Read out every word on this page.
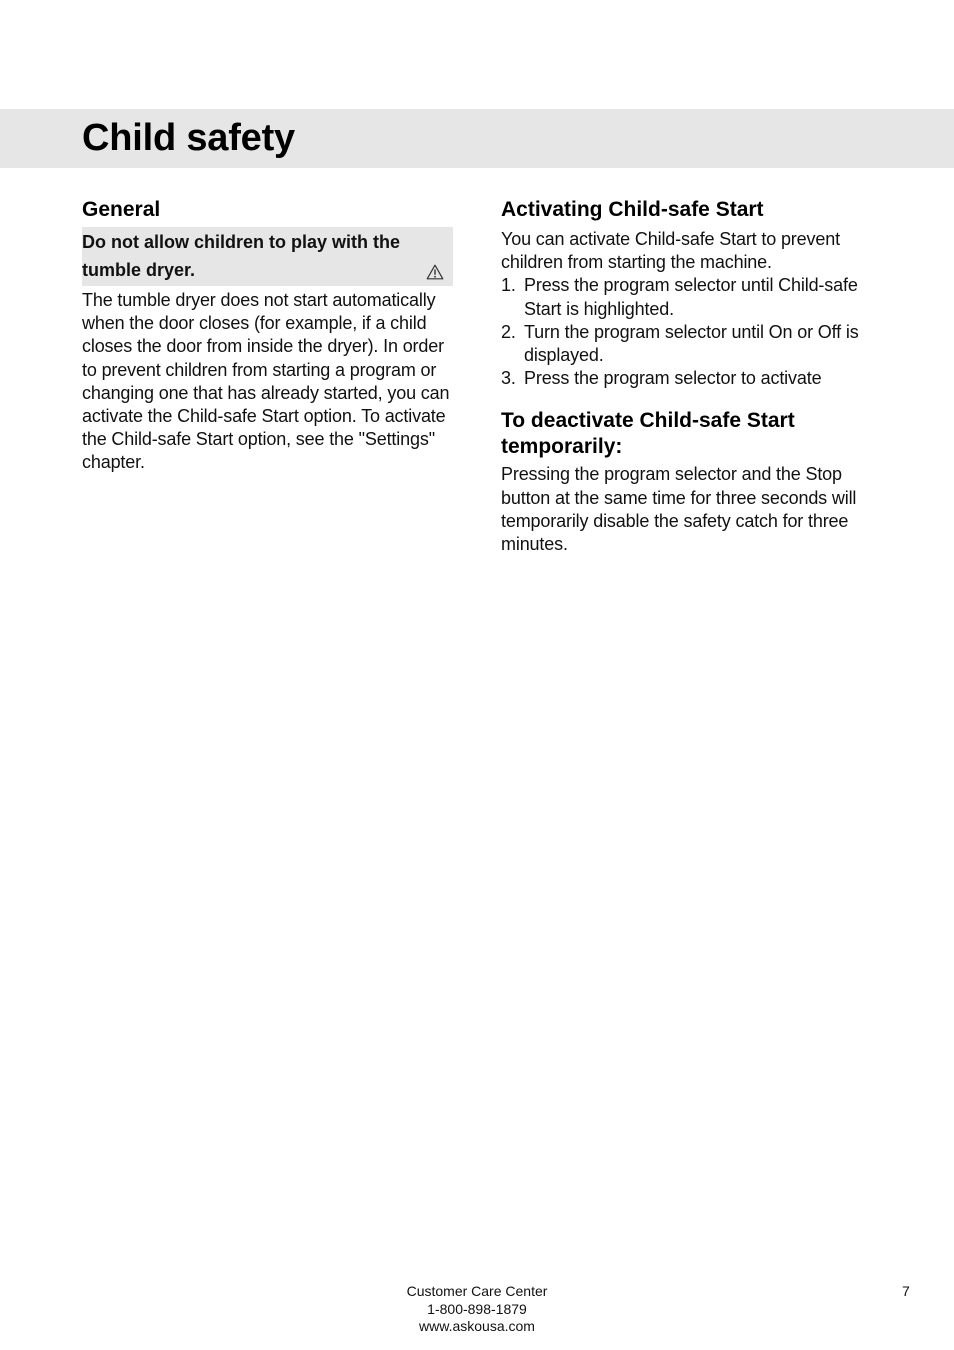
Child safety
General
Do not allow children to play with the tumble dryer.

The tumble dryer does not start automatically when the door closes (for example, if a child closes the door from inside the dryer). In order to prevent children from starting a program or changing one that has already started, you can activate the Child-safe Start option. To activate the Child-safe Start option, see the "Settings" chapter.

Activating Child-safe Start

You can activate Child-safe Start to prevent children from starting the machine.

1. Press the program selector until Child-safe Start is highlighted.
2. Turn the program selector until On or Off is displayed.
3. Press the program selector to activate
To deactivate Child-safe Start temporarily:

Pressing the program selector and the Stop button at the same time for three seconds will temporarily disable the safety catch for three minutes.

Customer Care Center
1-800-898-1879
www.askousa.com
7
